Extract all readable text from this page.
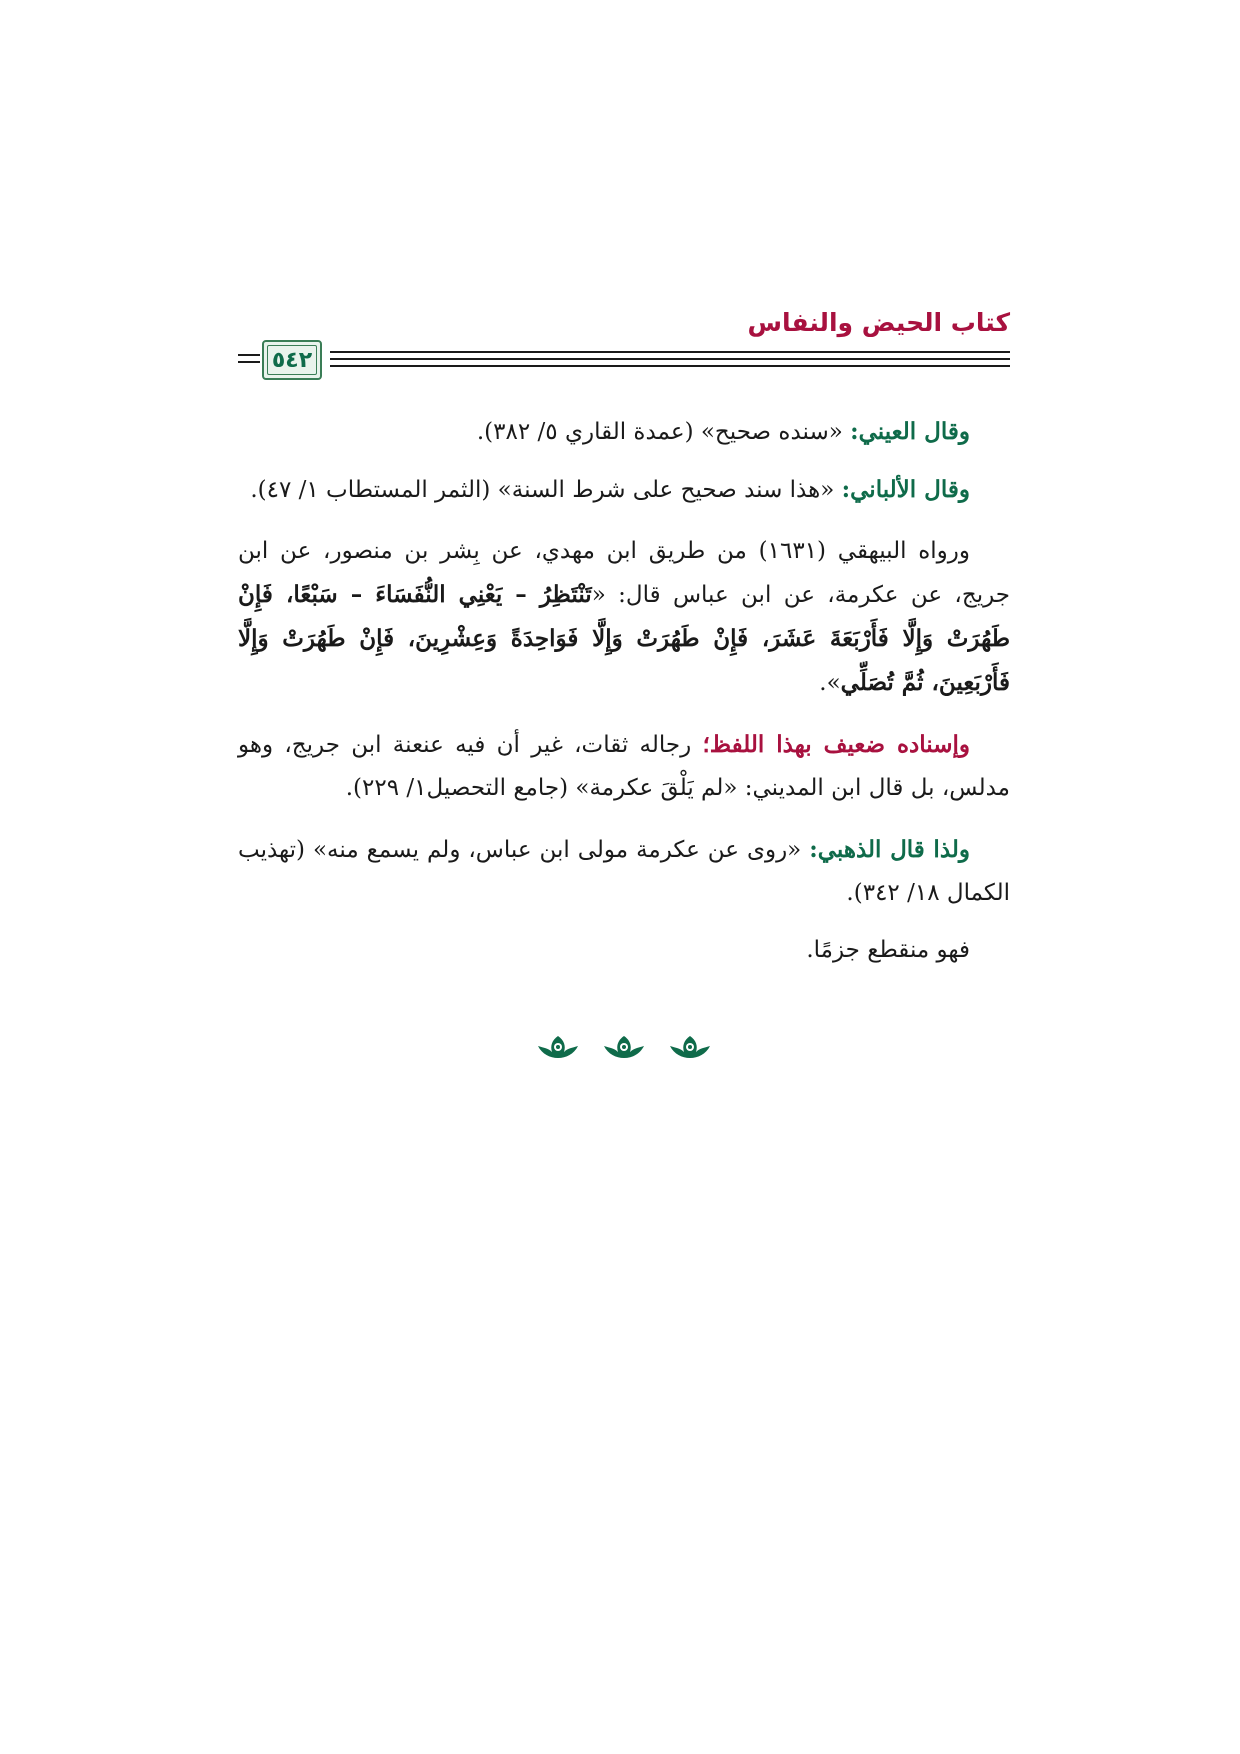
كتاب الحيض والنفاس
٥٤٢

وقال العيني: «سنده صحيح» (عمدة القاري ٥/ ٣٨٢).

وقال الألباني: «هذا سند صحيح على شرط السنة» (الثمر المستطاب ١/ ٤٧).

ورواه البيهقي (١٦٣١) من طريق ابن مهدي، عن بِشر بن منصور، عن ابن جريج، عن عكرمة، عن ابن عباس قال: «تَنْتَظِرُ – يَعْنِي النُّفَسَاءَ – سَبْعًا، فَإِنْ طَهُرَتْ وَإِلَّا فَأَرْبَعَةَ عَشَرَ، فَإِنْ طَهُرَتْ وَإِلَّا فَوَاحِدَةً وَعِشْرِينَ، فَإِنْ طَهُرَتْ وَإِلَّا فَأَرْبَعِينَ، ثُمَّ تُصَلِّي».

وإسناده ضعيف بهذا اللفظ؛ رجاله ثقات، غير أن فيه عنعنة ابن جريج، وهو مدلس، بل قال ابن المديني: «لم يَلْقَ عكرمة» (جامع التحصيل١/ ٢٢٩).

ولذا قال الذهبي: «روى عن عكرمة مولى ابن عباس، ولم يسمع منه» (تهذيب الكمال ١٨/ ٣٤٢).

فهو منقطع جزمًا.
